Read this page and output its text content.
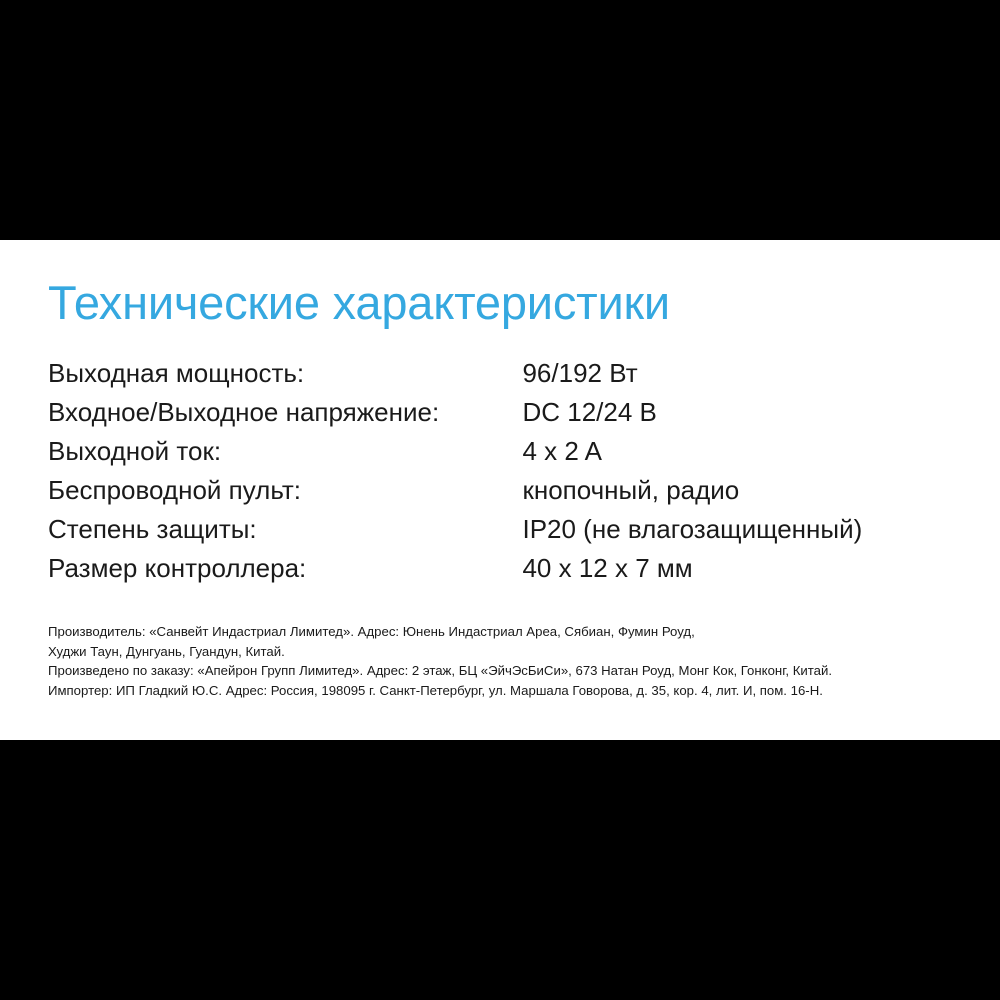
Технические характеристики
Выходная мощность:	96/192 Вт
Входное/Выходное напряжение:	DC 12/24 В
Выходной ток:	4 x 2 A
Беспроводной пульт:	кнопочный, радио
Степень защиты:	IP20 (не влагозащищенный)
Размер контроллера:	40 x 12 x 7 мм

Производитель: «Санвейт Индастриал Лимитед». Адрес: Юнень Индастриал Ареа, Сябиан, Фумин Роуд,

Худжи Таун, Дунгуань, Гуандун, Китай.

Произведено по заказу: «Апейрон Групп Лимитед». Адрес: 2 этаж, БЦ «ЭйчЭсБиСи», 673 Натан Роуд, Монг Кок, Гонконг, Китай.

Импортер: ИП Гладкий Ю.С. Адрес: Россия, 198095 г. Санкт-Петербург, ул. Маршала Говорова, д. 35, кор. 4, лит. И, пом. 16-Н.
